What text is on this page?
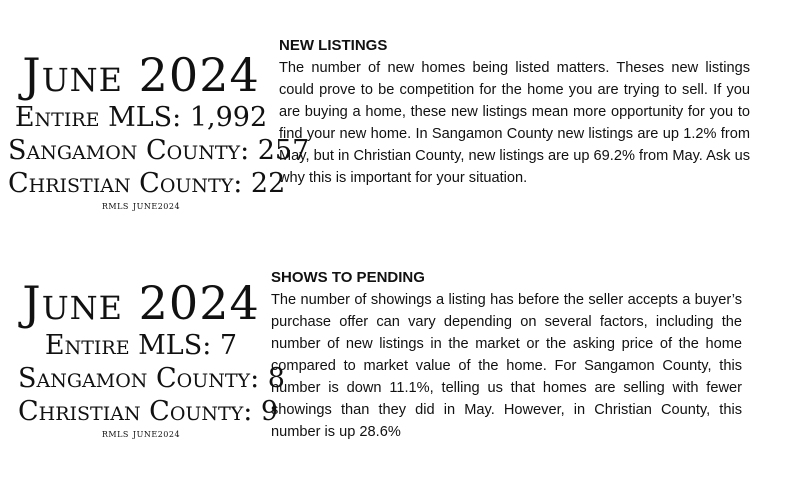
June 2024
Entire MLS: 1,992
Sangamon County: 257
Christian County: 22
RMLS JUNE2024
NEW LISTINGS

The number of new homes being listed matters. Theses new listings could prove to be competition for the home you are trying to sell. If you are buying a home, these new listings mean more opportunity for you to find your new home. In Sangamon County new listings are up 1.2% from May, but in Christian County, new listings are up 69.2% from May. Ask us why this is important for your situation.

June 2024
Entire MLS: 7
Sangamon County: 8
Christian County: 9
RMLS JUNE2024
SHOWS TO PENDING

The number of showings a listing has before the seller accepts a buyer’s purchase offer can vary depending on several factors, including the number of new listings in the market or the asking price of the home compared to market value of the home. For Sangamon County, this number is down 11.1%, telling us that homes are selling with fewer showings than they did in May. However, in Christian County, this number is up 28.6%
